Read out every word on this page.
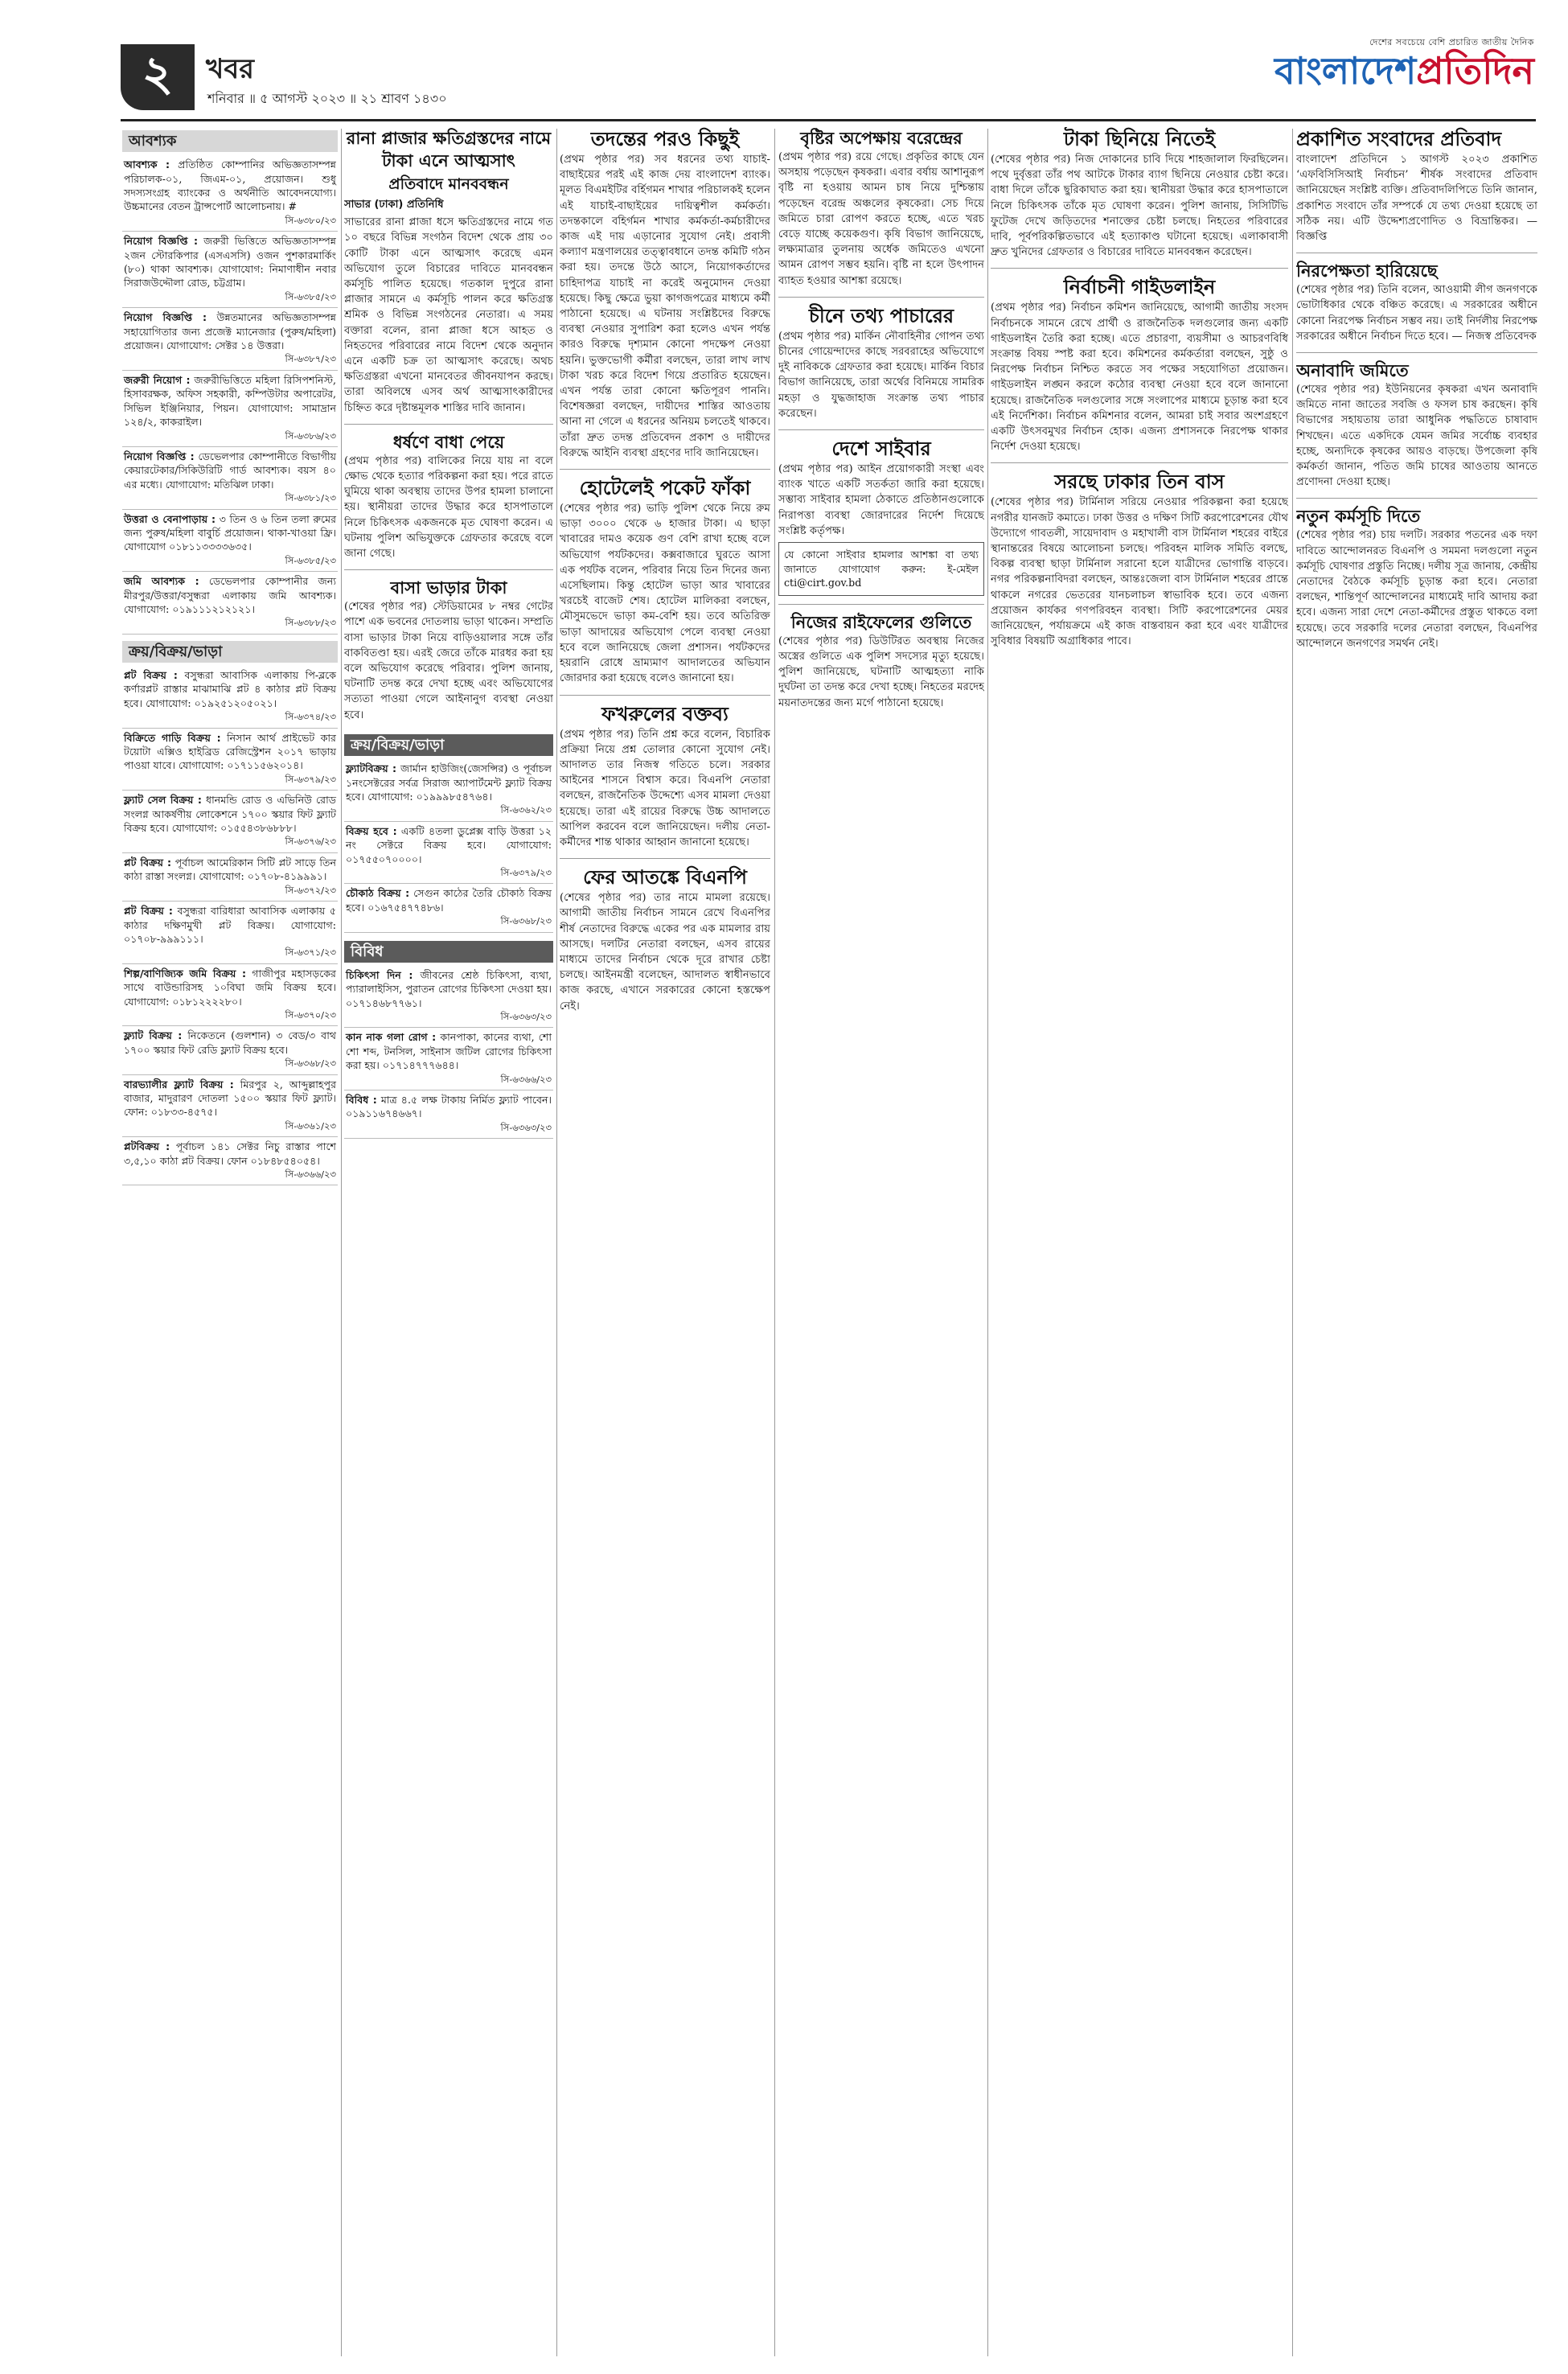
২	খবর
শনিবার ॥ ৫ আগস্ট ২০২৩ ॥ ২১ শ্রাবণ ১৪৩০
দেশের সবচেয়ে বেশি প্রচারিত জাতীয় দৈনিক
বাংলাদেশপ্রতিদিন
আবশ্যক
আবশ্যক : প্রতিষ্ঠিত কোম্পানির অভিজ্ঞতাসম্পন্ন পরিচালক-০১, জিএম-০১, প্রয়োজন। শুধু সদস্যসংগ্রহ ব্যাংকের ও অর্থনীতি আবেদনযোগ্য। উচ্চমানের বেতন ট্রান্সপোর্ট আলোচনায়। #
সি-৬৩৮০/২৩
নিয়োগ বিজ্ঞপ্তি : জরুরী ভিত্তিতে অভিজ্ঞতাসম্পন্ন ২জন স্টোরকিপার (এসএসসি) ওজন পুশকারমার্কিং (৮০) থাকা আবশ্যক। যোগাযোগ: নিমাণাধীন নবার সিরাজউদ্দৌলা রোড, চট্টগ্রাম।
সি-৬৩৮৫/২৩
নিয়োগ বিজ্ঞপ্তি : উন্নতমানের অভিজ্ঞতাসম্পন্ন সহায়োগিতার জন্য প্রজেক্ট ম্যানেজার (পুরুষ/মহিলা) প্রয়োজন। যোগাযোগ: সেক্টর ১৪ উত্তরা।
সি-৬৩৮৭/২৩
জরুরী নিয়োগ : জরুরীভিত্তিতে মহিলা রিসিপশনিস্ট, হিসাবরক্ষক, অফিস সহকারী, কম্পিউটার অপারেটর, সিভিল ইঞ্জিনিয়ার, পিয়ন। যোগাযোগ: সামাদ্রান ১২৪/২, কাকরাইল।
সি-৬৩৮৬/২৩
নিয়োগ বিজ্ঞপ্তি : ডেভেলপার কোম্পানীতে বিভাগীয় কেয়ারটেকার/সিকিউরিটি গার্ড আবশ্যক। বয়স ৪০ এর মধ্যে। যোগাযোগ: মতিঝিল ঢাকা।
সি-৬৩৮১/২৩
উত্তরা ও বেনাপাড়ায় : ৩ তিন ও ৬ তিন তলা রুমের জন্য পুরুষ/মহিলা বাবুর্চি প্রয়োজন। থাকা-খাওয়া ফ্রি। যোগাযোগ ০১৮১১৩৩৩৩৬৩৫।
সি-৬৩৮৫/২৩
জমি আবশ্যক : ডেভেলপার কোম্পানীর জন্য মীরপুর/উত্তরা/বসুন্ধরা এলাকায় জমি আবশ্যক। যোগাযোগ: ০১৯১১১২১২১২১।
সি-৬৩৮৮/২৩
ক্রয়/বিক্রয়/ভাড়া
প্লট বিক্রয় : বসুন্ধরা আবাসিক এলাকায় পি-ব্লকে কর্ণারপ্লট রাস্তার মাঝামাঝি প্লট ৪ কাঠার প্লট বিক্রয় হবে। যোগাযোগ: ০১৯২৫১২০৫০২১।
সি-৬৩৭৪/২৩
বিক্রিতে গাড়ি বিক্রয় : নিসান আর্থ প্রাইভেট কার টয়োটা এক্সিও হাইব্রিড রেজিস্ট্রেশন ২০১৭ ভাড়ায় পাওয়া যাবে। যোগাযোগ: ০১৭১১৫৬২০১৪।
সি-৬৩৭৯/২৩
ফ্ল্যাট সেল বিক্রয় : ধানমন্ডি রোড ও এভিনিউ রোড সংলগ্ন আকর্ষণীয় লোকেশনে ১৭০০ স্কয়ার ফিট ফ্ল্যাট বিক্রয় হবে। যোগাযোগ: ০১৫৫৪৩৮৬৮৮৮।
সি-৬৩৭৬/২৩
প্লট বিক্রয় : পূর্বাচল আমেরিকান সিটি প্লট সাড়ে তিন কাঠা রাস্তা সংলগ্ন। যোগাযোগ: ০১৭০৮-৪১৯৯৯১।
সি-৬৩৭২/২৩
প্লট বিক্রয় : বসুন্ধরা বারিধারা আবাসিক এলাকায় ৫ কাঠার দক্ষিণমুখী প্লট বিক্রয়। যোগাযোগ: ০১৭০৮-৯৯৯১১১।
সি-৬৩৭১/২৩
শিল্প/বাণিজ্যিক জমি বিক্রয় : গাজীপুর মহাসড়কের সাথে বাউন্ডারিসহ ১০বিঘা জমি বিক্রয় হবে। যোগাযোগ: ০১৮১২২২২৮০।
সি-৬৩৭০/২৩
ফ্ল্যাট বিক্রয় : নিকেতনে (গুলশান) ৩ বেড/৩ বাথ ১৭০০ স্কয়ার ফিট রেডি ফ্ল্যাট বিক্রয় হবে।
সি-৬৩৬৮/২৩
বারভ্যালীর ফ্ল্যাট বিক্রয় : মিরপুর ২, আব্দুল্লাহপুর বাজার, মাদুরারণ দোতলা ১৫০০ স্কয়ার ফিট ফ্ল্যাট। ফোন: ০১৮৩৩-৪৫৭৫।
সি-৬৩৬১/২৩
প্লটবিক্রয় : পূর্বাচল ১৪১ সেক্টর নিচু রাস্তার পাশে ৩,৫,১০ কাঠা প্লট বিক্রয়। ফোন ০১৮৪৮৫৪০৫৪।
সি-৬৩৬৬/২৩
রানা প্লাজার ক্ষতিগ্রস্তদের নামে টাকা এনে আত্মসাৎ
প্রতিবাদে মানববন্ধন
সাভার (ঢাকা) প্রতিনিধি

সাভারের রানা প্লাজা ধসে ক্ষতিগ্রস্তদের নামে গত ১০ বছরে বিভিন্ন সংগঠন বিদেশ থেকে প্রায় ৩০ কোটি টাকা এনে আত্মসাৎ করেছে এমন অভিযোগ তুলে বিচারের দাবিতে মানববন্ধন কর্মসূচি পালিত হয়েছে। গতকাল দুপুরে রানা প্লাজার সামনে এ কর্মসূচি পালন করে ক্ষতিগ্রস্ত শ্রমিক ও বিভিন্ন সংগঠনের নেতারা। এ সময় বক্তারা বলেন, রানা প্লাজা ধসে আহত ও নিহতদের পরিবারের নামে বিদেশ থেকে অনুদান এনে একটি চক্র তা আত্মসাৎ করেছে। অথচ ক্ষতিগ্রস্তরা এখনো মানবেতর জীবনযাপন করছে। তারা অবিলম্বে এসব অর্থ আত্মসাৎকারীদের চিহ্নিত করে দৃষ্টান্তমূলক শাস্তির দাবি জানান।

ধর্ষণে বাধা পেয়ে

(প্রথম পৃষ্ঠার পর) বালিকের নিয়ে যায় না বলে ক্ষোভ থেকে হত্যার পরিকল্পনা করা হয়। পরে রাতে ঘুমিয়ে থাকা অবস্থায় তাদের উপর হামলা চালানো হয়। স্থানীয়রা তাদের উদ্ধার করে হাসপাতালে নিলে চিকিৎসক একজনকে মৃত ঘোষণা করেন। এ ঘটনায় পুলিশ অভিযুক্তকে গ্রেফতার করেছে বলে জানা গেছে।

বাসা ভাড়ার টাকা

(শেষের পৃষ্ঠার পর) স্টেডিয়ামের ৮ নম্বর গেটের পাশে এক ভবনের দোতলায় ভাড়া থাকেন। সম্প্রতি বাসা ভাড়ার টাকা নিয়ে বাড়িওয়ালার সঙ্গে তাঁর বাকবিতণ্ডা হয়। এরই জেরে তাঁকে মারধর করা হয় বলে অভিযোগ করেছে পরিবার। পুলিশ জানায়, ঘটনাটি তদন্ত করে দেখা হচ্ছে এবং অভিযোগের সত্যতা পাওয়া গেলে আইনানুগ ব্যবস্থা নেওয়া হবে।

ক্রয়/বিক্রয়/ভাড়া
ফ্ল্যাটবিক্রয় : জার্মান হাউজিং(জেসন্সির) ও পূর্বাচল ১নংসেক্টরের সর্বত্র সিরাজ অ্যাপার্টমেন্ট ফ্ল্যাট বিক্রয় হবে। যোগাযোগ: ০১৯৯৯৮৫৪৭৬৪।
সি-৬৩৬২/২৩
বিক্রয় হবে : একটি ৪তলা ডুপ্লেক্স বাড়ি উত্তরা ১২ নং সেক্টরে বিক্রয় হবে। যোগাযোগ: ০১৭৫৫০৭০০০০।
সি-৬৩৭৯/২৩
চৌকাঠ বিক্রয় : সেগুন কাঠের তৈরি চৌকাঠ বিক্রয় হবে। ০১৬৭৫৪৭৭৪৮৬।
সি-৬৩৬৮/২৩
বিবিধ
চিকিৎসা দিন : জীবনের শ্রেষ্ঠ চিকিৎসা, ব্যথা, প্যারালাইসিস, পুরাতন রোগের চিকিৎসা দেওয়া হয়। ০১৭১৪৬৮৭৭৬১।
সি-৬৩৬৩/২৩
কান নাক গলা রোগ : কানপাকা, কানের ব্যথা, শো শো শব্দ, টনসিল, সাইনাস জটিল রোগের চিকিৎসা করা হয়। ০১৭১৪৭৭৭৬৪৪।
সি-৬৩৬৬/২৩
বিবিধ : মাত্র ৪.৫ লক্ষ টাকায় নির্মিত ফ্ল্যাট পাবেন। ০১৯১১৬৭৪৬৬৭।
সি-৬৩৬৩/২৩
তদন্তের পরও কিছুই

(প্রথম পৃষ্ঠার পর) সব ধরনের তথ্য যাচাই-বাছাইয়ের পরই এই কাজ দেয় বাংলাদেশ ব্যাংক। মূলত বিএমইটির বর্হিগমন শাখার পরিচালকই হলেন এই যাচাই-বাছাইয়ের দায়িত্বশীল কর্মকর্তা। তদন্তকালে বহির্গমন শাখার কর্মকর্তা-কর্মচারীদের কাজ এই দায় এড়ানোর সুযোগ নেই। প্রবাসী কল্যাণ মন্ত্রণালয়ের তত্ত্বাবধানে তদন্ত কমিটি গঠন করা হয়। তদন্তে উঠে আসে, নিয়োগকর্তাদের চাহিদাপত্র যাচাই না করেই অনুমোদন দেওয়া হয়েছে। কিছু ক্ষেত্রে ভুয়া কাগজপত্রের মাধ্যমে কর্মী পাঠানো হয়েছে। এ ঘটনায় সংশ্লিষ্টদের বিরুদ্ধে ব্যবস্থা নেওয়ার সুপারিশ করা হলেও এখন পর্যন্ত কারও বিরুদ্ধে দৃশ্যমান কোনো পদক্ষেপ নেওয়া হয়নি। ভুক্তভোগী কর্মীরা বলছেন, তারা লাখ লাখ টাকা খরচ করে বিদেশ গিয়ে প্রতারিত হয়েছেন। এখন পর্যন্ত তারা কোনো ক্ষতিপূরণ পাননি। বিশেষজ্ঞরা বলছেন, দায়ীদের শাস্তির আওতায় আনা না গেলে এ ধরনের অনিয়ম চলতেই থাকবে। তাঁরা দ্রুত তদন্ত প্রতিবেদন প্রকাশ ও দায়ীদের বিরুদ্ধে আইনি ব্যবস্থা গ্রহণের দাবি জানিয়েছেন।

হোটেলেই পকেট ফাঁকা

(শেষের পৃষ্ঠার পর) ভাড়ি পুলিশ থেকে নিয়ে রুম ভাড়া ৩০০০ থেকে ৬ হাজার টাকা। এ ছাড়া খাবারের দামও কয়েক গুণ বেশি রাখা হচ্ছে বলে অভিযোগ পর্যটকদের। কক্সবাজারে ঘুরতে আসা এক পর্যটক বলেন, পরিবার নিয়ে তিন দিনের জন্য এসেছিলাম। কিন্তু হোটেল ভাড়া আর খাবারের খরচেই বাজেট শেষ। হোটেল মালিকরা বলছেন, মৌসুমভেদে ভাড়া কম-বেশি হয়। তবে অতিরিক্ত ভাড়া আদায়ের অভিযোগ পেলে ব্যবস্থা নেওয়া হবে বলে জানিয়েছে জেলা প্রশাসন। পর্যটকদের হয়রানি রোধে ভ্রাম্যমাণ আদালতের অভিযান জোরদার করা হয়েছে বলেও জানানো হয়।

ফখরুলের বক্তব্য

(প্রথম পৃষ্ঠার পর) তিনি প্রশ্ন করে বলেন, বিচারিক প্রক্রিয়া নিয়ে প্রশ্ন তোলার কোনো সুযোগ নেই। আদালত তার নিজস্ব গতিতে চলে। সরকার আইনের শাসনে বিশ্বাস করে। বিএনপি নেতারা বলছেন, রাজনৈতিক উদ্দেশ্যে এসব মামলা দেওয়া হয়েছে। তারা এই রায়ের বিরুদ্ধে উচ্চ আদালতে আপিল করবেন বলে জানিয়েছেন। দলীয় নেতা-কর্মীদের শান্ত থাকার আহ্বান জানানো হয়েছে।

ফের আতঙ্কে বিএনপি

(শেষের পৃষ্ঠার পর) তার নামে মামলা রয়েছে। আগামী জাতীয় নির্বাচন সামনে রেখে বিএনপির শীর্ষ নেতাদের বিরুদ্ধে একের পর এক মামলার রায় আসছে। দলটির নেতারা বলছেন, এসব রায়ের মাধ্যমে তাদের নির্বাচন থেকে দূরে রাখার চেষ্টা চলছে। আইনমন্ত্রী বলেছেন, আদালত স্বাধীনভাবে কাজ করছে, এখানে সরকারের কোনো হস্তক্ষেপ নেই।

বৃষ্টির অপেক্ষায় বরেন্দ্রের

(প্রথম পৃষ্ঠার পর) রয়ে গেছে। প্রকৃতির কাছে যেন অসহায় পড়েছেন কৃষকরা। এবার বর্ষায় আশানুরূপ বৃষ্টি না হওয়ায় আমন চাষ নিয়ে দুশ্চিন্তায় পড়েছেন বরেন্দ্র অঞ্চলের কৃষকেরা। সেচ দিয়ে জমিতে চারা রোপণ করতে হচ্ছে, এতে খরচ বেড়ে যাচ্ছে কয়েকগুণ। কৃষি বিভাগ জানিয়েছে, লক্ষ্যমাত্রার তুলনায় অর্ধেক জমিতেও এখনো আমন রোপণ সম্ভব হয়নি। বৃষ্টি না হলে উৎপাদন ব্যাহত হওয়ার আশঙ্কা রয়েছে।

চীনে তথ্য পাচারের

(প্রথম পৃষ্ঠার পর) মার্কিন নৌবাহিনীর গোপন তথ্য চীনের গোয়েন্দাদের কাছে সরবরাহের অভিযোগে দুই নাবিককে গ্রেফতার করা হয়েছে। মার্কিন বিচার বিভাগ জানিয়েছে, তারা অর্থের বিনিময়ে সামরিক মহড়া ও যুদ্ধজাহাজ সংক্রান্ত তথ্য পাচার করেছেন।

দেশে সাইবার

(প্রথম পৃষ্ঠার পর) আইন প্রয়োগকারী সংস্থা এবং ব্যাংক খাতে একটি সতর্কতা জারি করা হয়েছে। সম্ভাব্য সাইবার হামলা ঠেকাতে প্রতিষ্ঠানগুলোকে নিরাপত্তা ব্যবস্থা জোরদারের নির্দেশ দিয়েছে সংশ্লিষ্ট কর্তৃপক্ষ।

যে কোনো সাইবার হামলার আশঙ্কা বা তথ্য জানাতে যোগাযোগ করুন: ই-মেইল cti@cirt.gov.bd
নিজের রাইফেলের গুলিতে

(শেষের পৃষ্ঠার পর) ডিউটিরত অবস্থায় নিজের অস্ত্রের গুলিতে এক পুলিশ সদস্যের মৃত্যু হয়েছে। পুলিশ জানিয়েছে, ঘটনাটি আত্মহত্যা নাকি দুর্ঘটনা তা তদন্ত করে দেখা হচ্ছে। নিহতের মরদেহ ময়নাতদন্তের জন্য মর্গে পাঠানো হয়েছে।

টাকা ছিনিয়ে নিতেই

(শেষের পৃষ্ঠার পর) নিজ দোকানের চাবি দিয়ে শাহজালাল ফিরছিলেন। পথে দুর্বৃত্তরা তাঁর পথ আটকে টাকার ব্যাগ ছিনিয়ে নেওয়ার চেষ্টা করে। বাধা দিলে তাঁকে ছুরিকাঘাত করা হয়। স্থানীয়রা উদ্ধার করে হাসপাতালে নিলে চিকিৎসক তাঁকে মৃত ঘোষণা করেন। পুলিশ জানায়, সিসিটিভি ফুটেজ দেখে জড়িতদের শনাক্তের চেষ্টা চলছে। নিহতের পরিবারের দাবি, পূর্বপরিকল্পিতভাবে এই হত্যাকাণ্ড ঘটানো হয়েছে। এলাকাবাসী দ্রুত খুনিদের গ্রেফতার ও বিচারের দাবিতে মানববন্ধন করেছেন।

নির্বাচনী গাইডলাইন

(প্রথম পৃষ্ঠার পর) নির্বাচন কমিশন জানিয়েছে, আগামী জাতীয় সংসদ নির্বাচনকে সামনে রেখে প্রার্থী ও রাজনৈতিক দলগুলোর জন্য একটি গাইডলাইন তৈরি করা হচ্ছে। এতে প্রচারণা, ব্যয়সীমা ও আচরণবিধি সংক্রান্ত বিষয় স্পষ্ট করা হবে। কমিশনের কর্মকর্তারা বলছেন, সুষ্ঠু ও নিরপেক্ষ নির্বাচন নিশ্চিত করতে সব পক্ষের সহযোগিতা প্রয়োজন। গাইডলাইন লঙ্ঘন করলে কঠোর ব্যবস্থা নেওয়া হবে বলে জানানো হয়েছে। রাজনৈতিক দলগুলোর সঙ্গে সংলাপের মাধ্যমে চূড়ান্ত করা হবে এই নির্দেশিকা। নির্বাচন কমিশনার বলেন, আমরা চাই সবার অংশগ্রহণে একটি উৎসবমুখর নির্বাচন হোক। এজন্য প্রশাসনকে নিরপেক্ষ থাকার নির্দেশ দেওয়া হয়েছে।

সরছে ঢাকার তিন বাস

(শেষের পৃষ্ঠার পর) টার্মিনাল সরিয়ে নেওয়ার পরিকল্পনা করা হয়েছে নগরীর যানজট কমাতে। ঢাকা উত্তর ও দক্ষিণ সিটি করপোরেশনের যৌথ উদ্যোগে গাবতলী, সায়েদাবাদ ও মহাখালী বাস টার্মিনাল শহরের বাইরে স্থানান্তরের বিষয়ে আলোচনা চলছে। পরিবহন মালিক সমিতি বলছে, বিকল্প ব্যবস্থা ছাড়া টার্মিনাল সরানো হলে যাত্রীদের ভোগান্তি বাড়বে। নগর পরিকল্পনাবিদরা বলছেন, আন্তঃজেলা বাস টার্মিনাল শহরের প্রান্তে থাকলে নগরের ভেতরের যানচলাচল স্বাভাবিক হবে। তবে এজন্য প্রয়োজন কার্যকর গণপরিবহন ব্যবস্থা। সিটি করপোরেশনের মেয়র জানিয়েছেন, পর্যায়ক্রমে এই কাজ বাস্তবায়ন করা হবে এবং যাত্রীদের সুবিধার বিষয়টি অগ্রাধিকার পাবে।

প্রকাশিত সংবাদের প্রতিবাদ

বাংলাদেশ প্রতিদিনে ১ আগস্ট ২০২৩ প্রকাশিত ‘এফবিসিসিআই নির্বাচন’ শীর্ষক সংবাদের প্রতিবাদ জানিয়েছেন সংশ্লিষ্ট ব্যক্তি। প্রতিবাদলিপিতে তিনি জানান, প্রকাশিত সংবাদে তাঁর সম্পর্কে যে তথ্য দেওয়া হয়েছে তা সঠিক নয়। এটি উদ্দেশ্যপ্রণোদিত ও বিভ্রান্তিকর। — বিজ্ঞপ্তি

নিরপেক্ষতা হারিয়েছে

(শেষের পৃষ্ঠার পর) তিনি বলেন, আওয়ামী লীগ জনগণকে ভোটাধিকার থেকে বঞ্চিত করেছে। এ সরকারের অধীনে কোনো নিরপেক্ষ নির্বাচন সম্ভব নয়। তাই নির্দলীয় নিরপেক্ষ সরকারের অধীনে নির্বাচন দিতে হবে। — নিজস্ব প্রতিবেদক

অনাবাদি জমিতে

(শেষের পৃষ্ঠার পর) ইউনিয়নের কৃষকরা এখন অনাবাদি জমিতে নানা জাতের সবজি ও ফসল চাষ করছেন। কৃষি বিভাগের সহায়তায় তারা আধুনিক পদ্ধতিতে চাষাবাদ শিখছেন। এতে একদিকে যেমন জমির সর্বোচ্চ ব্যবহার হচ্ছে, অন্যদিকে কৃষকের আয়ও বাড়ছে। উপজেলা কৃষি কর্মকর্তা জানান, পতিত জমি চাষের আওতায় আনতে প্রণোদনা দেওয়া হচ্ছে।

নতুন কর্মসূচি দিতে

(শেষের পৃষ্ঠার পর) চায় দলটি। সরকার পতনের এক দফা দাবিতে আন্দোলনরত বিএনপি ও সমমনা দলগুলো নতুন কর্মসূচি ঘোষণার প্রস্তুতি নিচ্ছে। দলীয় সূত্র জানায়, কেন্দ্রীয় নেতাদের বৈঠকে কর্মসূচি চূড়ান্ত করা হবে। নেতারা বলছেন, শান্তিপূর্ণ আন্দোলনের মাধ্যমেই দাবি আদায় করা হবে। এজন্য সারা দেশে নেতা-কর্মীদের প্রস্তুত থাকতে বলা হয়েছে। তবে সরকারি দলের নেতারা বলছেন, বিএনপির আন্দোলনে জনগণের সমর্থন নেই।
